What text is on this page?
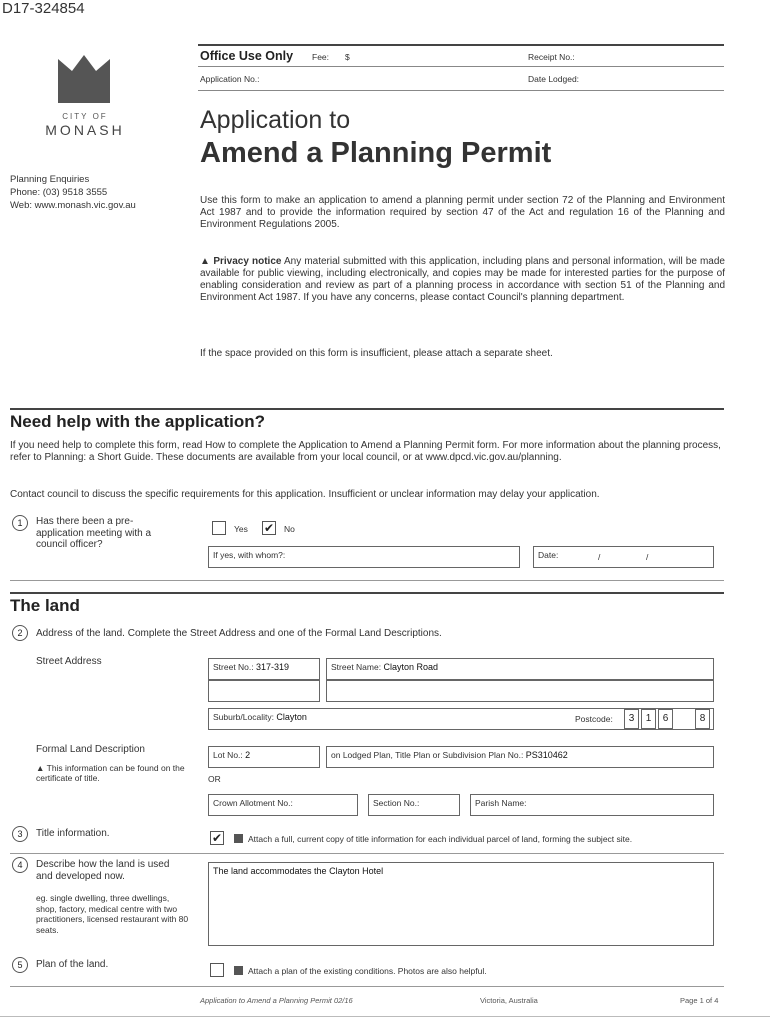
D17-324854
CITY OF
MONASH
Planning Enquiries
Phone: (03) 9518 3555
Web: www.monash.vic.gov.au
Office Use Only Fee: $	Receipt No.:
Application No.:	Date Lodged:
Application to
Amend a Planning Permit
Use this form to make an application to amend a planning permit under section 72 of the Planning and Environment Act 1987 and to provide the information required by section 47 of the Act and regulation 16 of the Planning and Environment Regulations 2005.
▲ Privacy notice Any material submitted with this application, including plans and personal information, will be made available for public viewing, including electronically, and copies may be made for interested parties for the purpose of enabling consideration and review as part of a planning process in accordance with section 51 of the Planning and Environment Act 1987. If you have any concerns, please contact Council's planning department.
If the space provided on this form is insufficient, please attach a separate sheet.
Need help with the application?
If you need help to complete this form, read How to complete the Application to Amend a Planning Permit form. For more information about the planning process, refer to Planning: a Short Guide. These documents are available from your local council, or at www.dpcd.vic.gov.au/planning.
Contact council to discuss the specific requirements for this application. Insufficient or unclear information may delay your application.
1	Has there been a pre-application meeting with a council officer?
Yes ✔ No
If yes, with whom?:	Date:	/	/
The land
2	Address of the land. Complete the Street Address and one of the Formal Land Descriptions.
Street Address	Street No.: 317-319	Street Name: Clayton Road
Suburb/Locality: Clayton	Postcode:	3	1	6	8
Formal Land Description
▲ This information can be found on the certificate of title.
Lot No.: 2	on Lodged Plan, Title Plan or Subdivision Plan No.: PS310462
OR
Crown Allotment No.:	Section No.:	Parish Name:
3	Title information.	✔	Attach a full, current copy of title information for each individual parcel of land, forming the subject site.
4	Describe how the land is used and developed now.
eg. single dwelling, three dwellings, shop, factory, medical centre with two practitioners, licensed restaurant with 80 seats.
The land accommodates the Clayton Hotel
5	Plan of the land.
Attach a plan of the existing conditions. Photos are also helpful.
Application to Amend a Planning Permit 02/16	Victoria, Australia	Page 1 of 4
